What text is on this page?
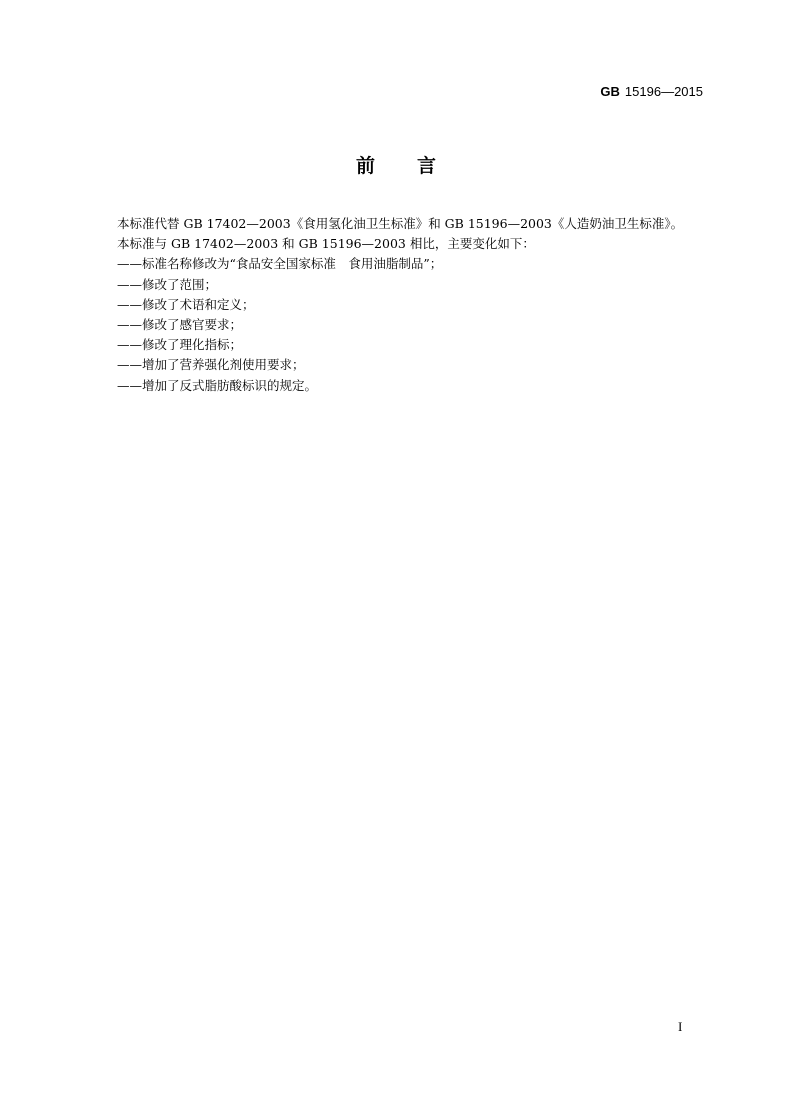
GB 15196—2015
前言

本标准代替 GB 17402—2003《食用氢化油卫生标准》和 GB 15196—2003《人造奶油卫生标准》。

本标准与 GB 17402—2003 和 GB 15196—2003 相比，主要变化如下：

——标准名称修改为“食品安全国家标准　食用油脂制品”；

——修改了范围；

——修改了术语和定义；

——修改了感官要求；

——修改了理化指标；

——增加了营养强化剂使用要求；

——增加了反式脂肪酸标识的规定。

I
